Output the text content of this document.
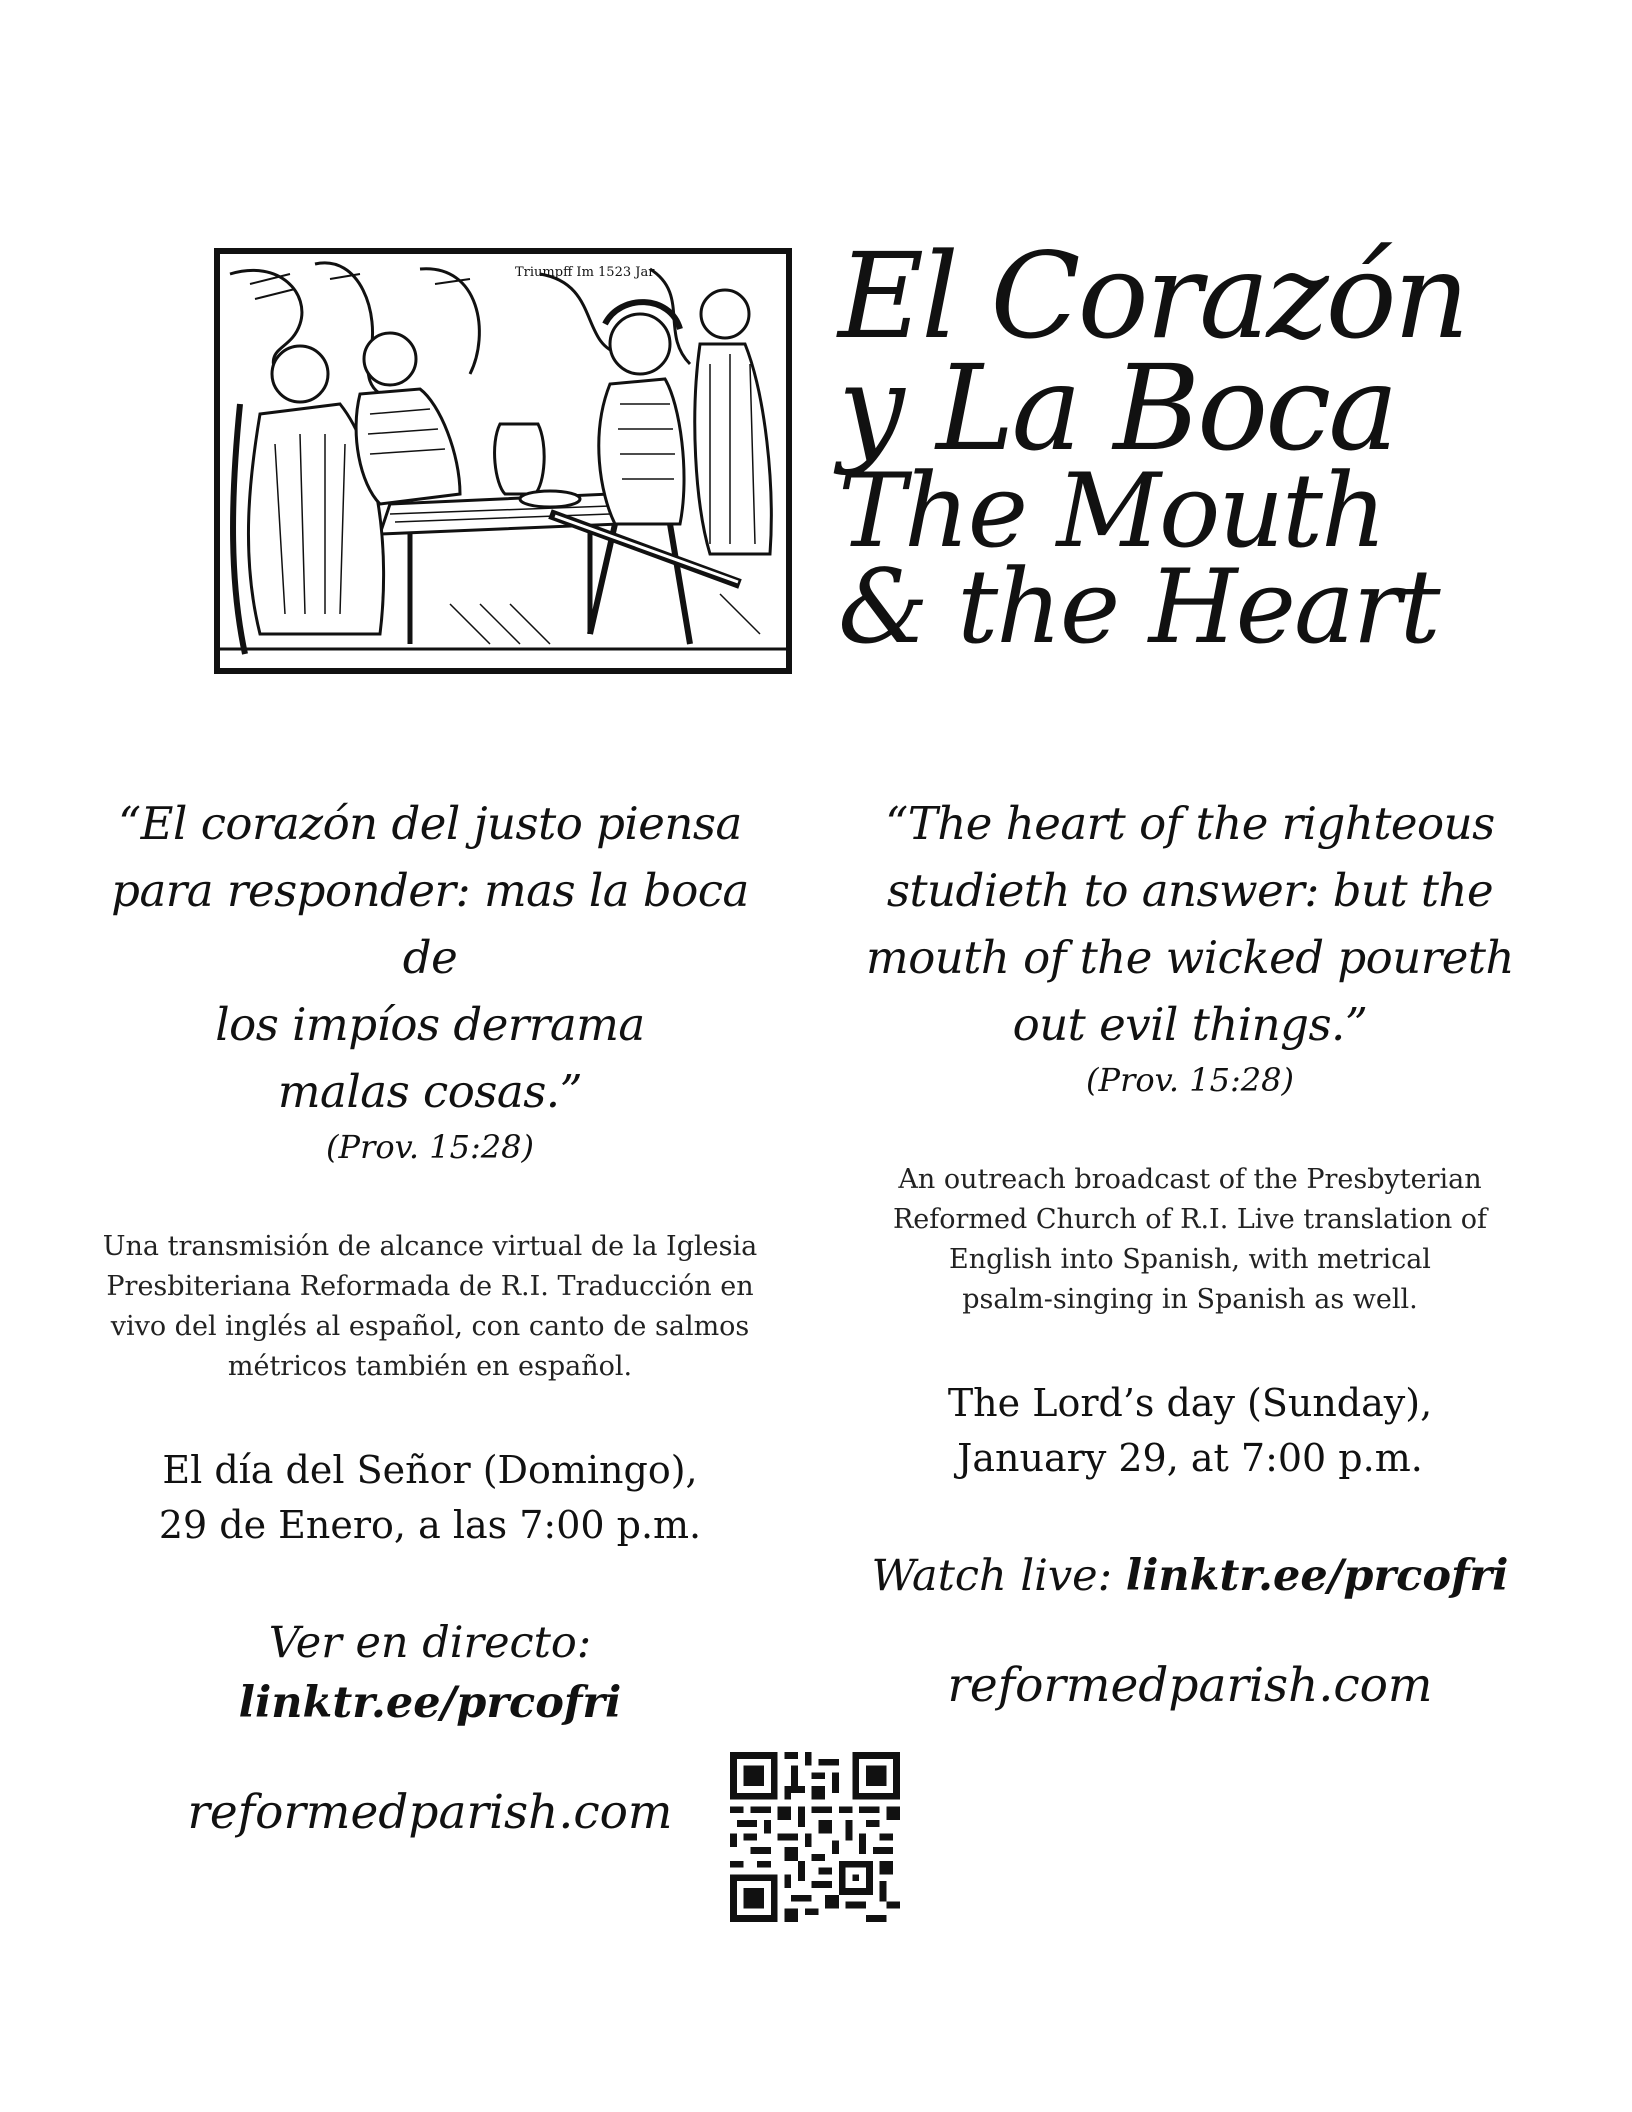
Triumpff Im 1523 Jar El Corazón
y La Boca
The Mouth
& the Heart
“El corazón del justo piensa
para responder: mas la boca de
los impíos derrama
malas cosas.”
(Prov. 15:28)
Una transmisión de alcance virtual de la Iglesia
Presbiteriana Reformada de R.I. Traducción en
vivo del inglés al español, con canto de salmos
métricos también en español.
El día del Señor (Domingo),
29 de Enero, a las 7:00 p.m.
Ver en directo: linktr.ee/prcofri
reformedparish.com
“The heart of the righteous
studieth to answer: but the
mouth of the wicked poureth
out evil things.”
(Prov. 15:28)
An outreach broadcast of the Presbyterian
Reformed Church of R.I. Live translation of
English into Spanish, with metrical
psalm-singing in Spanish as well.
The Lord’s day (Sunday),
January 29, at 7:00 p.m.
Watch live: linktr.ee/prcofri
reformedparish.com
